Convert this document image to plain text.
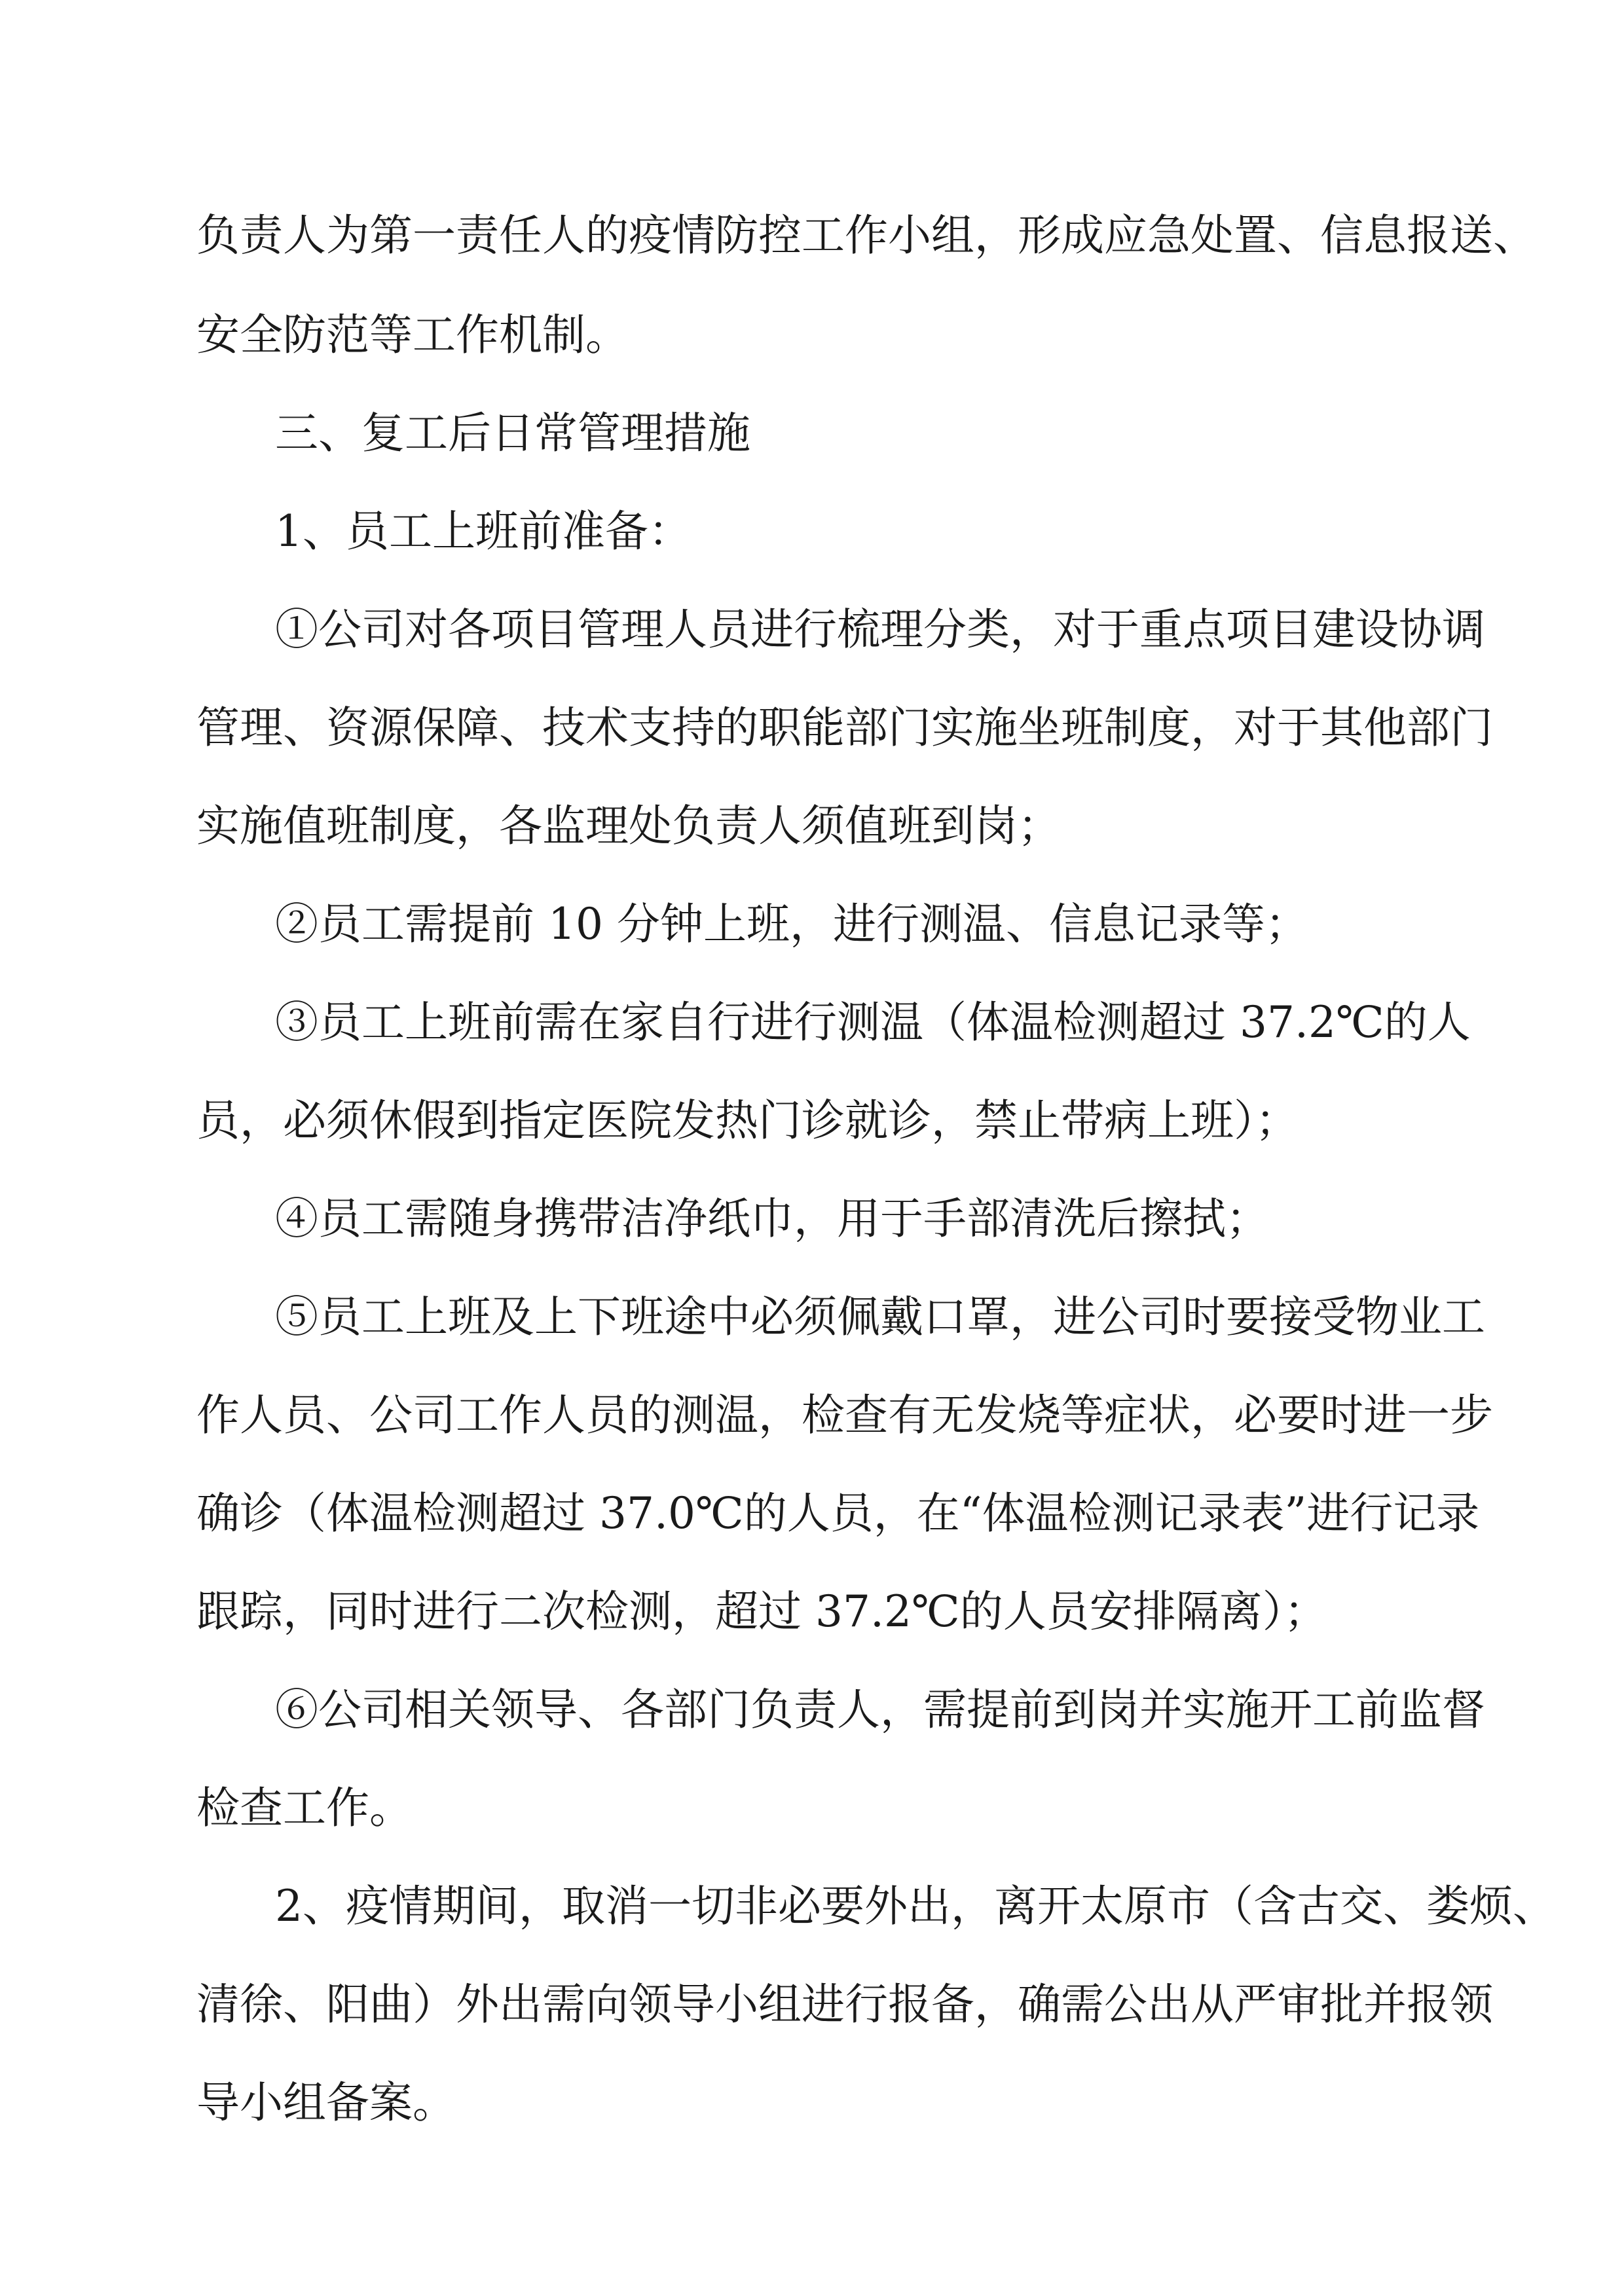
负责人为第一责任人的疫情防控工作小组，形成应急处置、信息报送、

安全防范等工作机制。

三、复工后日常管理措施

1、员工上班前准备：

①公司对各项目管理人员进行梳理分类，对于重点项目建设协调

管理、资源保障、技术支持的职能部门实施坐班制度，对于其他部门

实施值班制度，各监理处负责人须值班到岗；

②员工需提前 10 分钟上班，进行测温、信息记录等；

③员工上班前需在家自行进行测温（体温检测超过 37.2℃的人

员，必须休假到指定医院发热门诊就诊，禁止带病上班）；

④员工需随身携带洁净纸巾，用于手部清洗后擦拭；

⑤员工上班及上下班途中必须佩戴口罩，进公司时要接受物业工

作人员、公司工作人员的测温，检查有无发烧等症状，必要时进一步

确诊（体温检测超过 37.0℃的人员，在“体温检测记录表”进行记录

跟踪，同时进行二次检测，超过 37.2℃的人员安排隔离）；

⑥公司相关领导、各部门负责人，需提前到岗并实施开工前监督

检查工作。

2、疫情期间，取消一切非必要外出，离开太原市（含古交、娄烦、

清徐、阳曲）外出需向领导小组进行报备，确需公出从严审批并报领

导小组备案。
